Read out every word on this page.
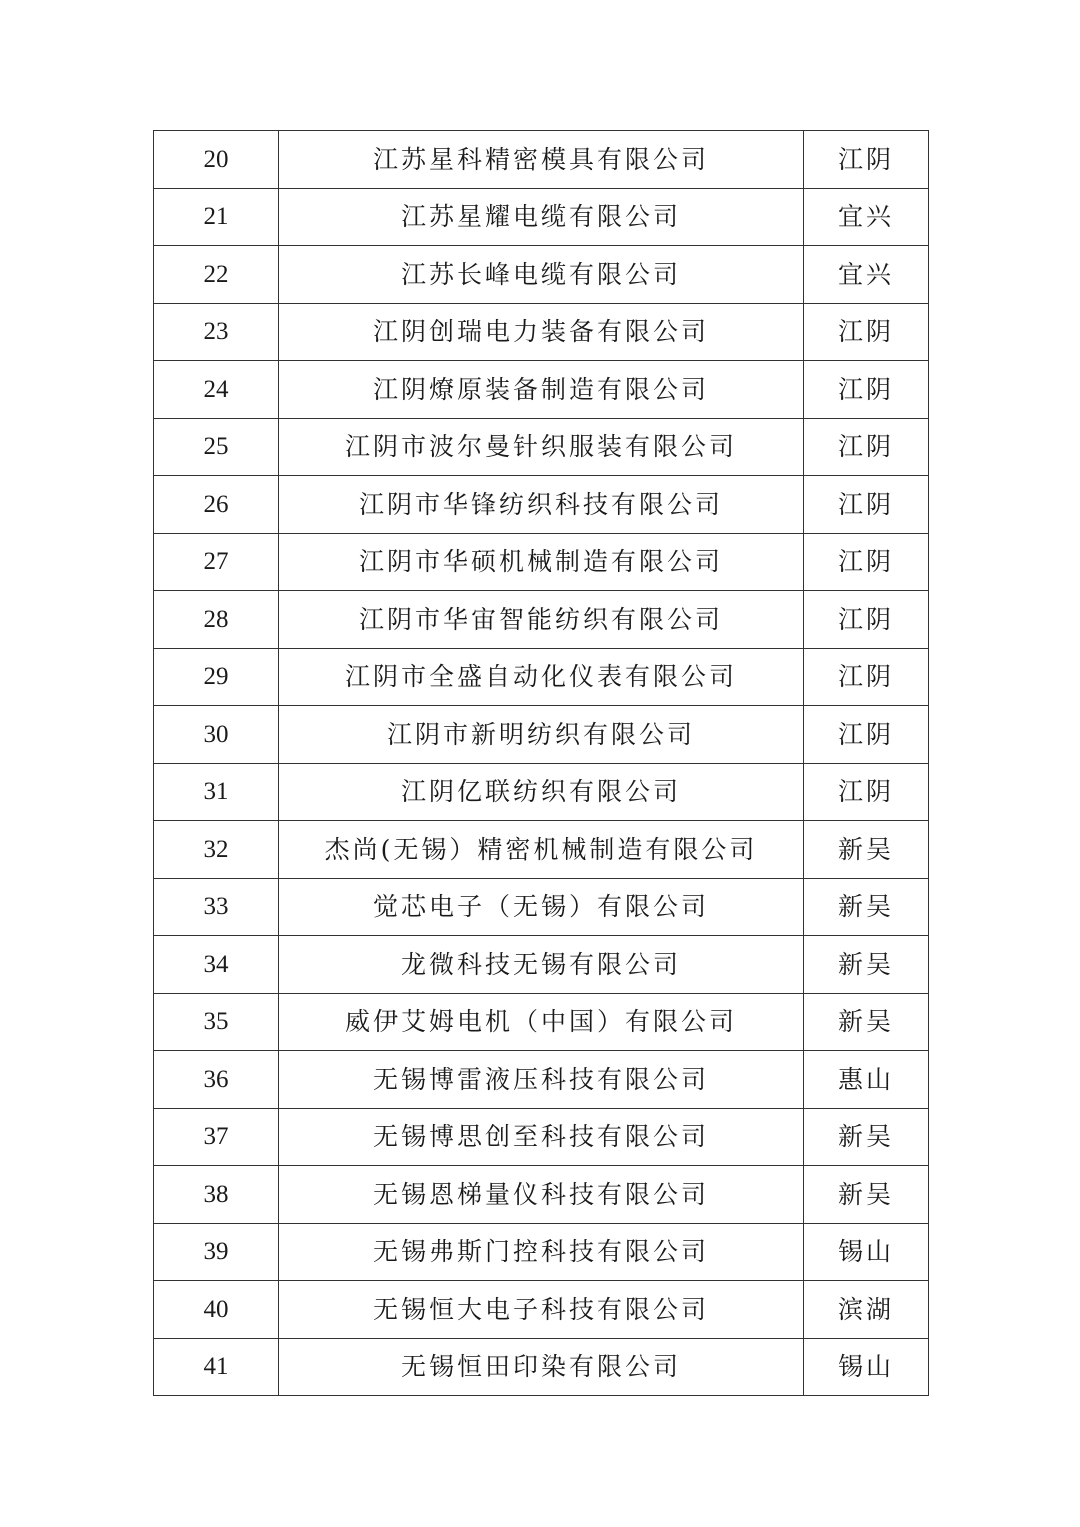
20	江苏星科精密模具有限公司	江阴
21	江苏星耀电缆有限公司	宜兴
22	江苏长峰电缆有限公司	宜兴
23	江阴创瑞电力装备有限公司	江阴
24	江阴燎原装备制造有限公司	江阴
25	江阴市波尔曼针织服装有限公司	江阴
26	江阴市华锋纺织科技有限公司	江阴
27	江阴市华硕机械制造有限公司	江阴
28	江阴市华宙智能纺织有限公司	江阴
29	江阴市全盛自动化仪表有限公司	江阴
30	江阴市新明纺织有限公司	江阴
31	江阴亿联纺织有限公司	江阴
32	杰尚(无锡）精密机械制造有限公司	新吴
33	觉芯电子（无锡）有限公司	新吴
34	龙微科技无锡有限公司	新吴
35	威伊艾姆电机（中国）有限公司	新吴
36	无锡博雷液压科技有限公司	惠山
37	无锡博思创至科技有限公司	新吴
38	无锡恩梯量仪科技有限公司	新吴
39	无锡弗斯门控科技有限公司	锡山
40	无锡恒大电子科技有限公司	滨湖
41	无锡恒田印染有限公司	锡山
